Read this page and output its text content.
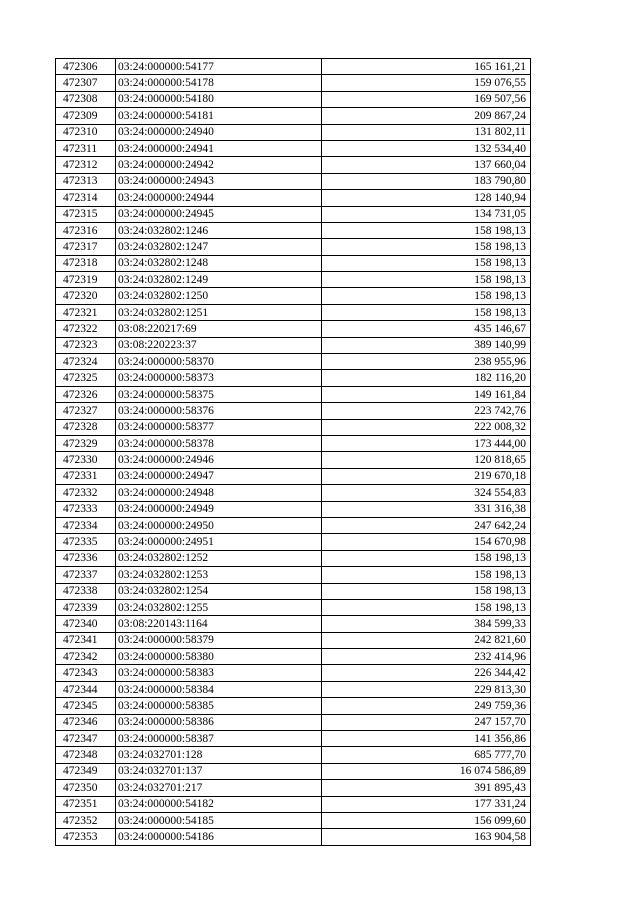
472306	03:24:000000:54177	165 161,21
472307	03:24:000000:54178	159 076,55
472308	03:24:000000:54180	169 507,56
472309	03:24:000000:54181	209 867,24
472310	03:24:000000:24940	131 802,11
472311	03:24:000000:24941	132 534,40
472312	03:24:000000:24942	137 660,04
472313	03:24:000000:24943	183 790,80
472314	03:24:000000:24944	128 140,94
472315	03:24:000000:24945	134 731,05
472316	03:24:032802:1246	158 198,13
472317	03:24:032802:1247	158 198,13
472318	03:24:032802:1248	158 198,13
472319	03:24:032802:1249	158 198,13
472320	03:24:032802:1250	158 198,13
472321	03:24:032802:1251	158 198,13
472322	03:08:220217:69	435 146,67
472323	03:08:220223:37	389 140,99
472324	03:24:000000:58370	238 955,96
472325	03:24:000000:58373	182 116,20
472326	03:24:000000:58375	149 161,84
472327	03:24:000000:58376	223 742,76
472328	03:24:000000:58377	222 008,32
472329	03:24:000000:58378	173 444,00
472330	03:24:000000:24946	120 818,65
472331	03:24:000000:24947	219 670,18
472332	03:24:000000:24948	324 554,83
472333	03:24:000000:24949	331 316,38
472334	03:24:000000:24950	247 642,24
472335	03:24:000000:24951	154 670,98
472336	03:24:032802:1252	158 198,13
472337	03:24:032802:1253	158 198,13
472338	03:24:032802:1254	158 198,13
472339	03:24:032802:1255	158 198,13
472340	03:08:220143:1164	384 599,33
472341	03:24:000000:58379	242 821,60
472342	03:24:000000:58380	232 414,96
472343	03:24:000000:58383	226 344,42
472344	03:24:000000:58384	229 813,30
472345	03:24:000000:58385	249 759,36
472346	03:24:000000:58386	247 157,70
472347	03:24:000000:58387	141 356,86
472348	03:24:032701:128	685 777,70
472349	03:24:032701:137	16 074 586,89
472350	03:24:032701:217	391 895,43
472351	03:24:000000:54182	177 331,24
472352	03:24:000000:54185	156 099,60
472353	03:24:000000:54186	163 904,58
